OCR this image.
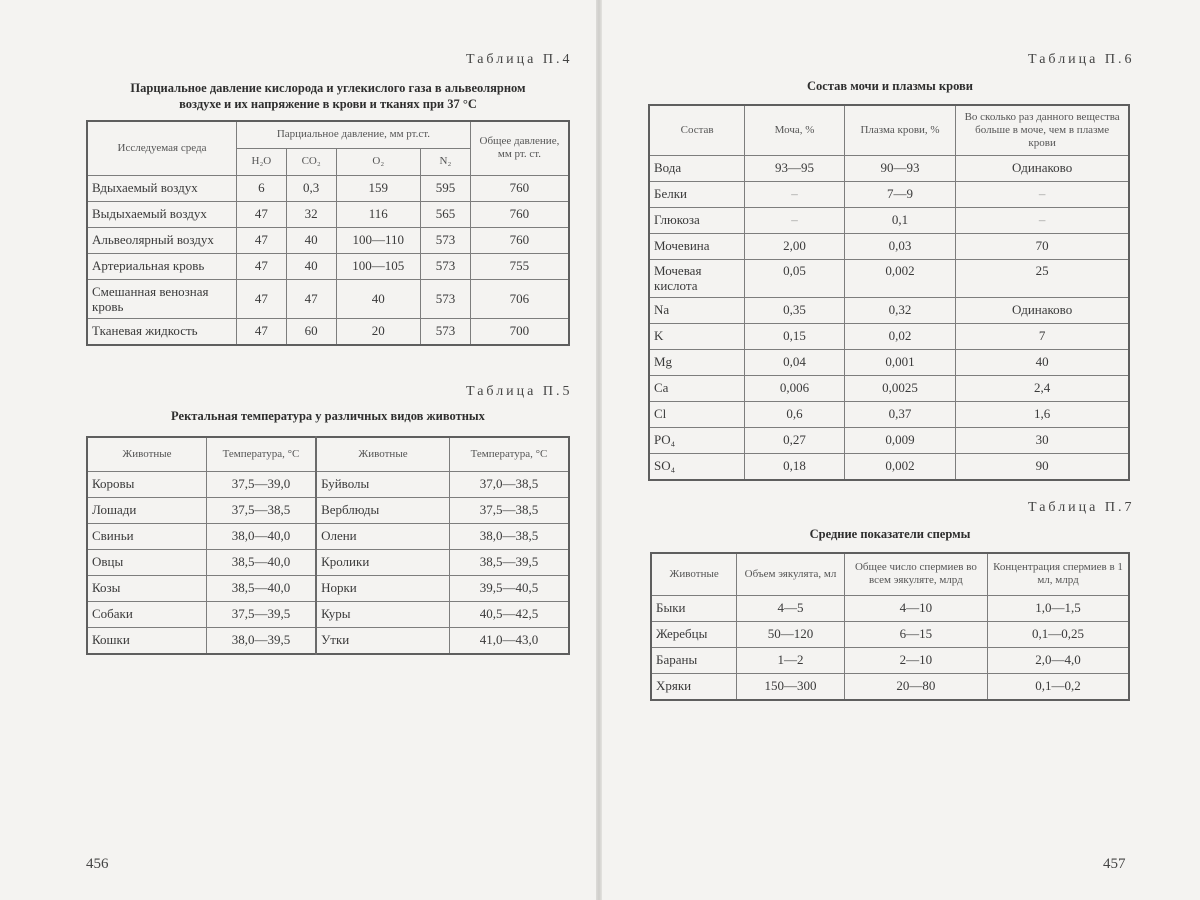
Таблица П.4
Парциальное давление кислорода и углекислого газа в альвеолярном
воздухе и их напряжение в крови и тканях при 37 °С
Исследуемая среда	Парциальное давление, мм рт.ст.				Общее давление, мм рт. ст.
	H₂O	CO₂	O₂	N₂	
Вдыхаемый воздух	6	0,3	159	595	760
Выдыхаемый воздух	47	32	116	565	760
Альвеолярный воздух	47	40	100—110	573	760
Артериальная кровь	47	40	100—105	573	755
Смешанная венозная кровь	47	47	40	573	706
Тканевая жидкость	47	60	20	573	700
Таблица П.5
Ректальная температура у различных видов животных
Животные	Температура, °С	Животные	Температура, °С
Коровы	37,5—39,0	Буйволы	37,0—38,5
Лошади	37,5—38,5	Верблюды	37,5—38,5
Свиньи	38,0—40,0	Олени	38,0—38,5
Овцы	38,5—40,0	Кролики	38,5—39,5
Козы	38,5—40,0	Норки	39,5—40,5
Собаки	37,5—39,5	Куры	40,5—42,5
Кошки	38,0—39,5	Утки	41,0—43,0
456
Таблица П.6
Состав мочи и плазмы крови
Состав	Моча, %	Плазма крови, %	Во сколько раз данного вещества больше в моче, чем в плазме крови
Вода	93—95	90—93	Одинаково
Белки	–	7—9	–
Глюкоза	–	0,1	–
Мочевина	2,00	0,03	70
Мочевая кислота	0,05	0,002	25
Na	0,35	0,32	Одинаково
K	0,15	0,02	7
Mg	0,04	0,001	40
Ca	0,006	0,0025	2,4
Cl	0,6	0,37	1,6
PO₄	0,27	0,009	30
SO₄	0,18	0,002	90
Таблица П.7
Средние показатели спермы
Животные	Объем эякулята, мл	Общее число спермиев во всем эякуляте, млрд	Концентрация спермиев в 1 мл, млрд
Быки	4—5	4—10	1,0—1,5
Жеребцы	50—120	6—15	0,1—0,25
Бараны	1—2	2—10	2,0—4,0
Хряки	150—300	20—80	0,1—0,2
457
